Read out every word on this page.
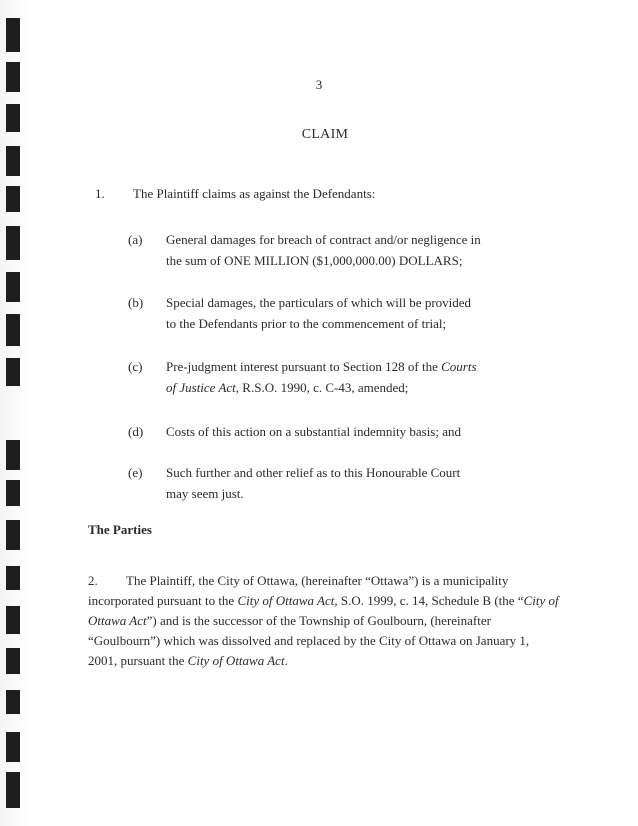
3
CLAIM
1. The Plaintiff claims as against the Defendants:
(a) General damages for breach of contract and/or negligence in
the sum of ONE MILLION ($1,000,000.00) DOLLARS;
(b) Special damages, the particulars of which will be provided
to the Defendants prior to the commencement of trial;
(c) Pre-judgment interest pursuant to Section 128 of the Courts
of Justice Act, R.S.O. 1990, c. C-43, amended;
(d) Costs of this action on a substantial indemnity basis; and
(e) Such further and other relief as to this Honourable Court
may seem just.
The Parties
2. The Plaintiff, the City of Ottawa, (hereinafter “Ottawa”) is a municipality
incorporated pursuant to the City of Ottawa Act, S.O. 1999, c. 14, Schedule B (the “City of
Ottawa Act”) and is the successor of the Township of Goulbourn, (hereinafter
“Goulbourn”) which was dissolved and replaced by the City of Ottawa on January 1,
2001, pursuant the City of Ottawa Act.
